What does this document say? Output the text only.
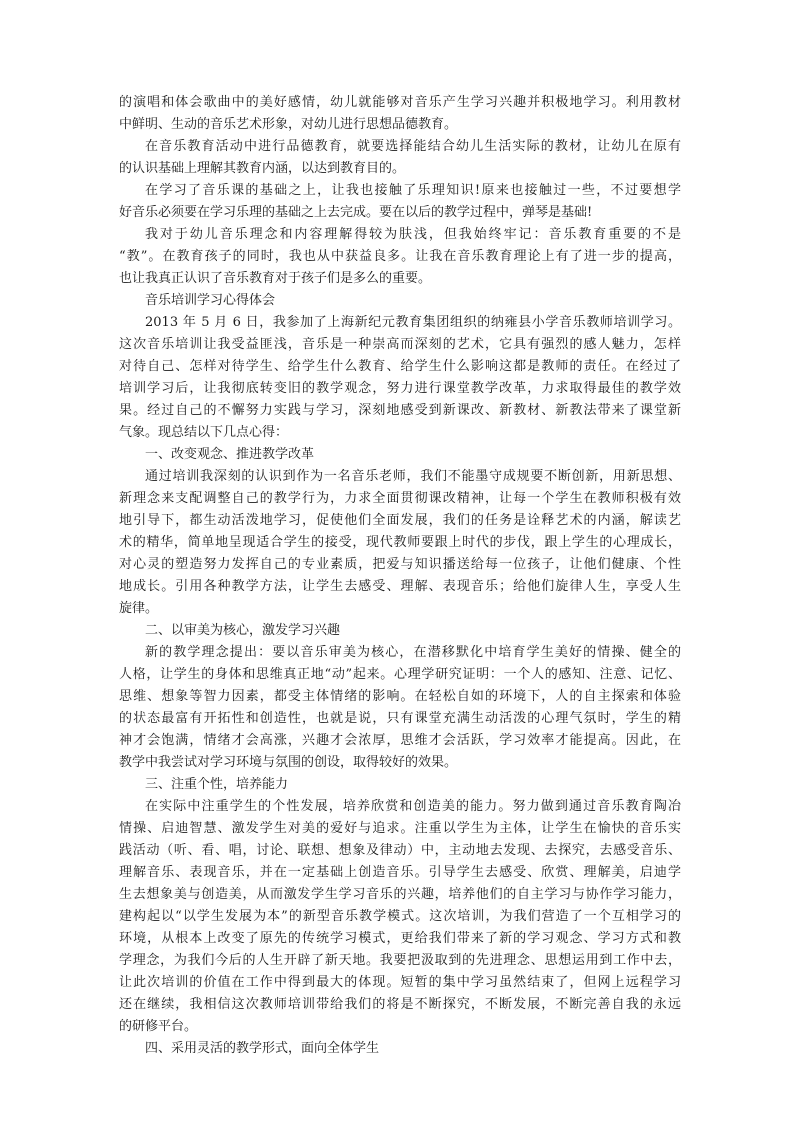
的演唱和体会歌曲中的美好感情，幼儿就能够对音乐产生学习兴趣并积极地学习。利用教材
中鲜明、生动的音乐艺术形象，对幼儿进行思想品德教育。
在音乐教育活动中进行品德教育，就要选择能结合幼儿生活实际的教材，让幼儿在原有
的认识基础上理解其教育内涵，以达到教育目的。
在学习了音乐课的基础之上，让我也接触了乐理知识!原来也接触过一些，不过要想学
好音乐必须要在学习乐理的基础之上去完成。要在以后的教学过程中，弹琴是基础!
我对于幼儿音乐理念和内容理解得较为肤浅，但我始终牢记：音乐教育重要的不是
“教”。在教育孩子的同时，我也从中获益良多。让我在音乐教育理论上有了进一步的提高，
也让我真正认识了音乐教育对于孩子们是多么的重要。
音乐培训学习心得体会
2013 年 5 月 6 日，我参加了上海新纪元教育集团组织的纳雍县小学音乐教师培训学习。
这次音乐培训让我受益匪浅，音乐是一种崇高而深刻的艺术，它具有强烈的感人魅力，怎样
对待自己、怎样对待学生、给学生什么教育、给学生什么影响这都是教师的责任。在经过了
培训学习后，让我彻底转变旧的教学观念，努力进行课堂教学改革，力求取得最佳的教学效
果。经过自己的不懈努力实践与学习，深刻地感受到新课改、新教材、新教法带来了课堂新
气象。现总结以下几点心得：
一、改变观念、推进教学改革
通过培训我深刻的认识到作为一名音乐老师，我们不能墨守成规要不断创新，用新思想、
新理念来支配调整自己的教学行为，力求全面贯彻课改精神，让每一个学生在教师积极有效
地引导下，都生动活泼地学习，促使他们全面发展，我们的任务是诠释艺术的内涵，解读艺
术的精华，简单地呈现适合学生的接受，现代教师要跟上时代的步伐，跟上学生的心理成长，
对心灵的塑造努力发挥自己的专业素质，把爱与知识播送给每一位孩子，让他们健康、个性
地成长。引用各种教学方法，让学生去感受、理解、表现音乐；给他们旋律人生，享受人生
旋律。
二、以审美为核心，激发学习兴趣
新的教学理念提出：要以音乐审美为核心，在潜移默化中培育学生美好的情操、健全的
人格，让学生的身体和思维真正地“动”起来。心理学研究证明：一个人的感知、注意、记忆、
思维、想象等智力因素，都受主体情绪的影响。在轻松自如的环境下，人的自主探索和体验
的状态最富有开拓性和创造性，也就是说，只有课堂充满生动活泼的心理气氛时，学生的精
神才会饱满，情绪才会高涨，兴趣才会浓厚，思维才会活跃，学习效率才能提高。因此，在
教学中我尝试对学习环境与氛围的创设，取得较好的效果。
三、注重个性，培养能力
在实际中注重学生的个性发展，培养欣赏和创造美的能力。努力做到通过音乐教育陶冶
情操、启迪智慧、激发学生对美的爱好与追求。注重以学生为主体，让学生在愉快的音乐实
践活动（听、看、唱，讨论、联想、想象及律动）中，主动地去发现、去探究，去感受音乐、
理解音乐、表现音乐，并在一定基础上创造音乐。引导学生去感受、欣赏、理解美，启迪学
生去想象美与创造美，从而激发学生学习音乐的兴趣，培养他们的自主学习与协作学习能力，
建构起以“以学生发展为本”的新型音乐教学模式。这次培训，为我们营造了一个互相学习的
环境，从根本上改变了原先的传统学习模式，更给我们带来了新的学习观念、学习方式和教
学理念，为我们今后的人生开辟了新天地。我要把汲取到的先进理念、思想运用到工作中去，
让此次培训的价值在工作中得到最大的体现。短暂的集中学习虽然结束了，但网上远程学习
还在继续，我相信这次教师培训带给我们的将是不断探究，不断发展，不断完善自我的永远
的研修平台。
四、采用灵活的教学形式，面向全体学生
